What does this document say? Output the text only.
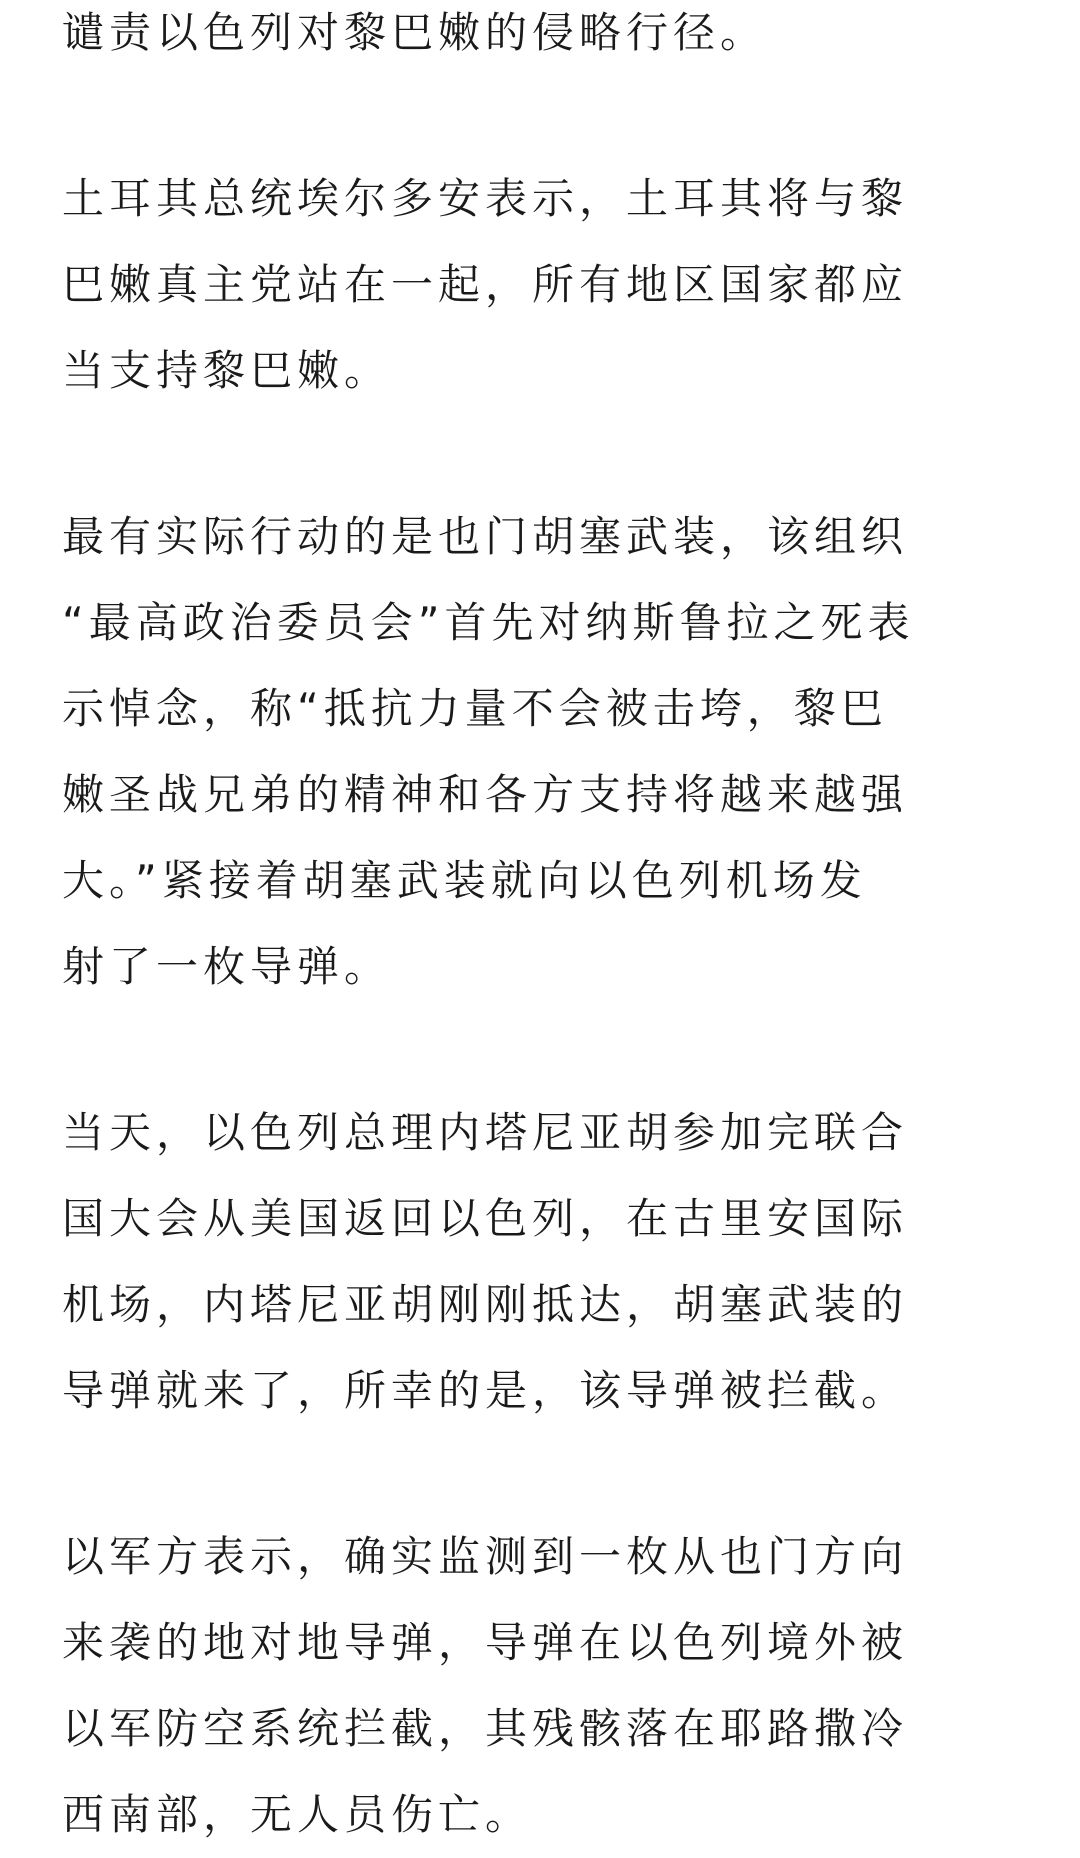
谴责以色列对黎巴嫩的侵略行径。

土耳其总统埃尔多安表示，土耳其将与黎
巴嫩真主党站在一起，所有地区国家都应
当支持黎巴嫩。

最有实际行动的是也门胡塞武装，该组织
“最高政治委员会”首先对纳斯鲁拉之死表
示悼念，称“抵抗力量不会被击垮，黎巴
嫩圣战兄弟的精神和各方支持将越来越强
大。”紧接着胡塞武装就向以色列机场发
射了一枚导弹。

当天，以色列总理内塔尼亚胡参加完联合
国大会从美国返回以色列，在古里安国际
机场，内塔尼亚胡刚刚抵达，胡塞武装的
导弹就来了，所幸的是，该导弹被拦截。

以军方表示，确实监测到一枚从也门方向
来袭的地对地导弹，导弹在以色列境外被
以军防空系统拦截，其残骸落在耶路撒冷
西南部，无人员伤亡。
